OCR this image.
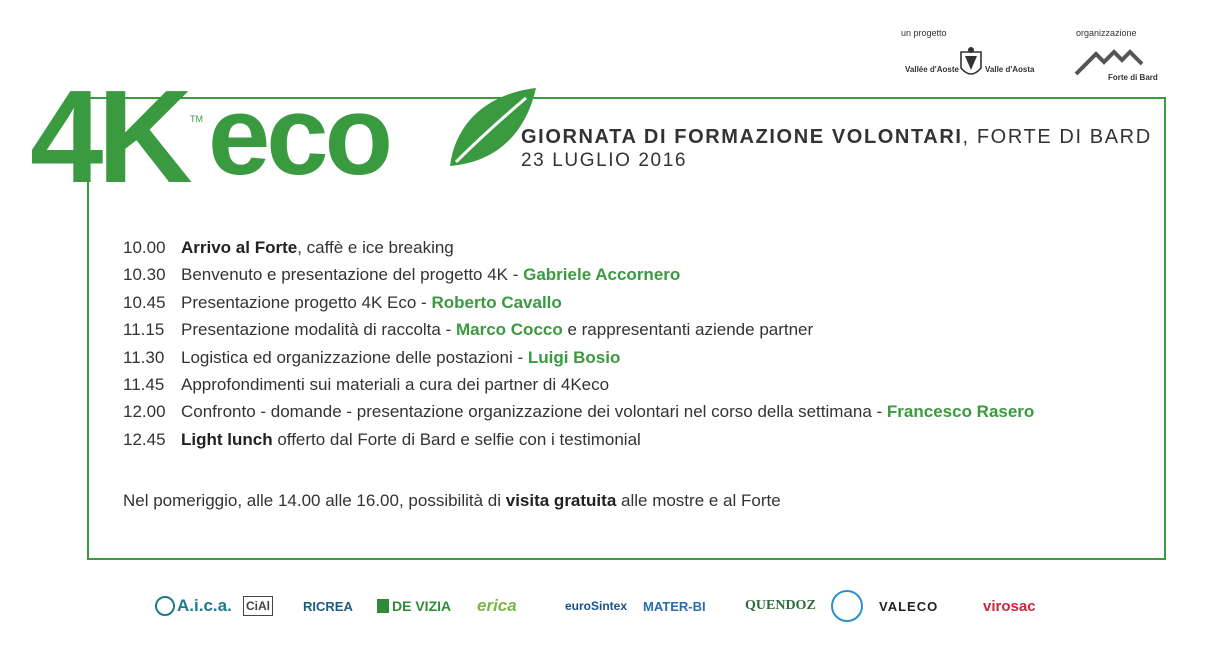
un progetto	organizzazione
Vallée d'Aoste	Valle d'Aosta
Forte di Bard
4K TM eco	GIORNATA DI FORMAZIONE VOLONTARI, FORTE DI BARD
23 LUGLIO 2016
10.00 Arrivo al Forte, caffè e ice breaking
10.30 Benvenuto e presentazione del progetto 4K - Gabriele Accornero
10.45 Presentazione progetto 4K Eco - Roberto Cavallo
11.15 Presentazione modalità di raccolta - Marco Cocco e rappresentanti aziende partner
11.30 Logistica ed organizzazione delle postazioni - Luigi Bosio
11.45 Approfondimenti sui materiali a cura dei partner di 4Keco
12.00 Confronto - domande - presentazione organizzazione dei volontari nel corso della settimana - Francesco Rasero
12.45 Light lunch offerto dal Forte di Bard e selfie con i testimonial
Nel pomeriggio, alle 14.00 alle 16.00, possibilità di visita gratuita alle mostre e al Forte
A.i.c.a. CiAl	RICREA	DE VIZIA erica	euroSintex MATER-BI	QUENDOZ	VALECO	virosac
